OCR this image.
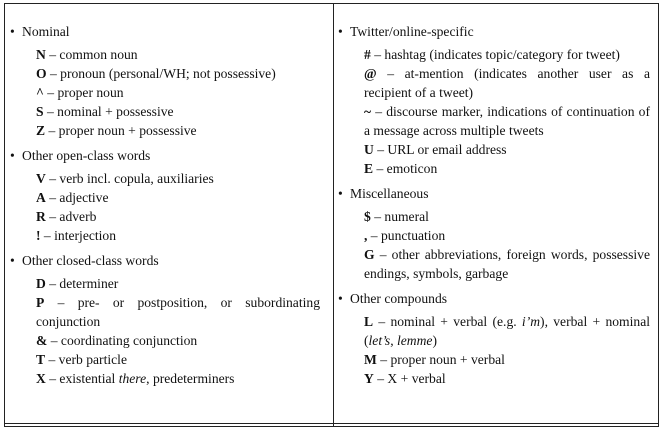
• Nominal
N – common noun
O – pronoun (personal/WH; not possessive)
^ – proper noun
S – nominal + possessive
Z – proper noun + possessive
• Other open-class words
V – verb incl. copula, auxiliaries
A – adjective
R – adverb
! – interjection
• Other closed-class words
D – determiner
P – pre- or postposition, or subordinating conjunction
& – coordinating conjunction
T – verb particle
X – existential there, predeterminers
• Twitter/online-specific
# – hashtag (indicates topic/category for tweet)
@ – at-mention (indicates another user as a recipient of a tweet)
~ – discourse marker, indications of continuation of a message across multiple tweets
U – URL or email address
E – emoticon
• Miscellaneous
$ – numeral
, – punctuation
G – other abbreviations, foreign words, possessive endings, symbols, garbage
• Other compounds
L – nominal + verbal (e.g. i’m), verbal + nominal (let’s, lemme)
M – proper noun + verbal
Y – X + verbal
